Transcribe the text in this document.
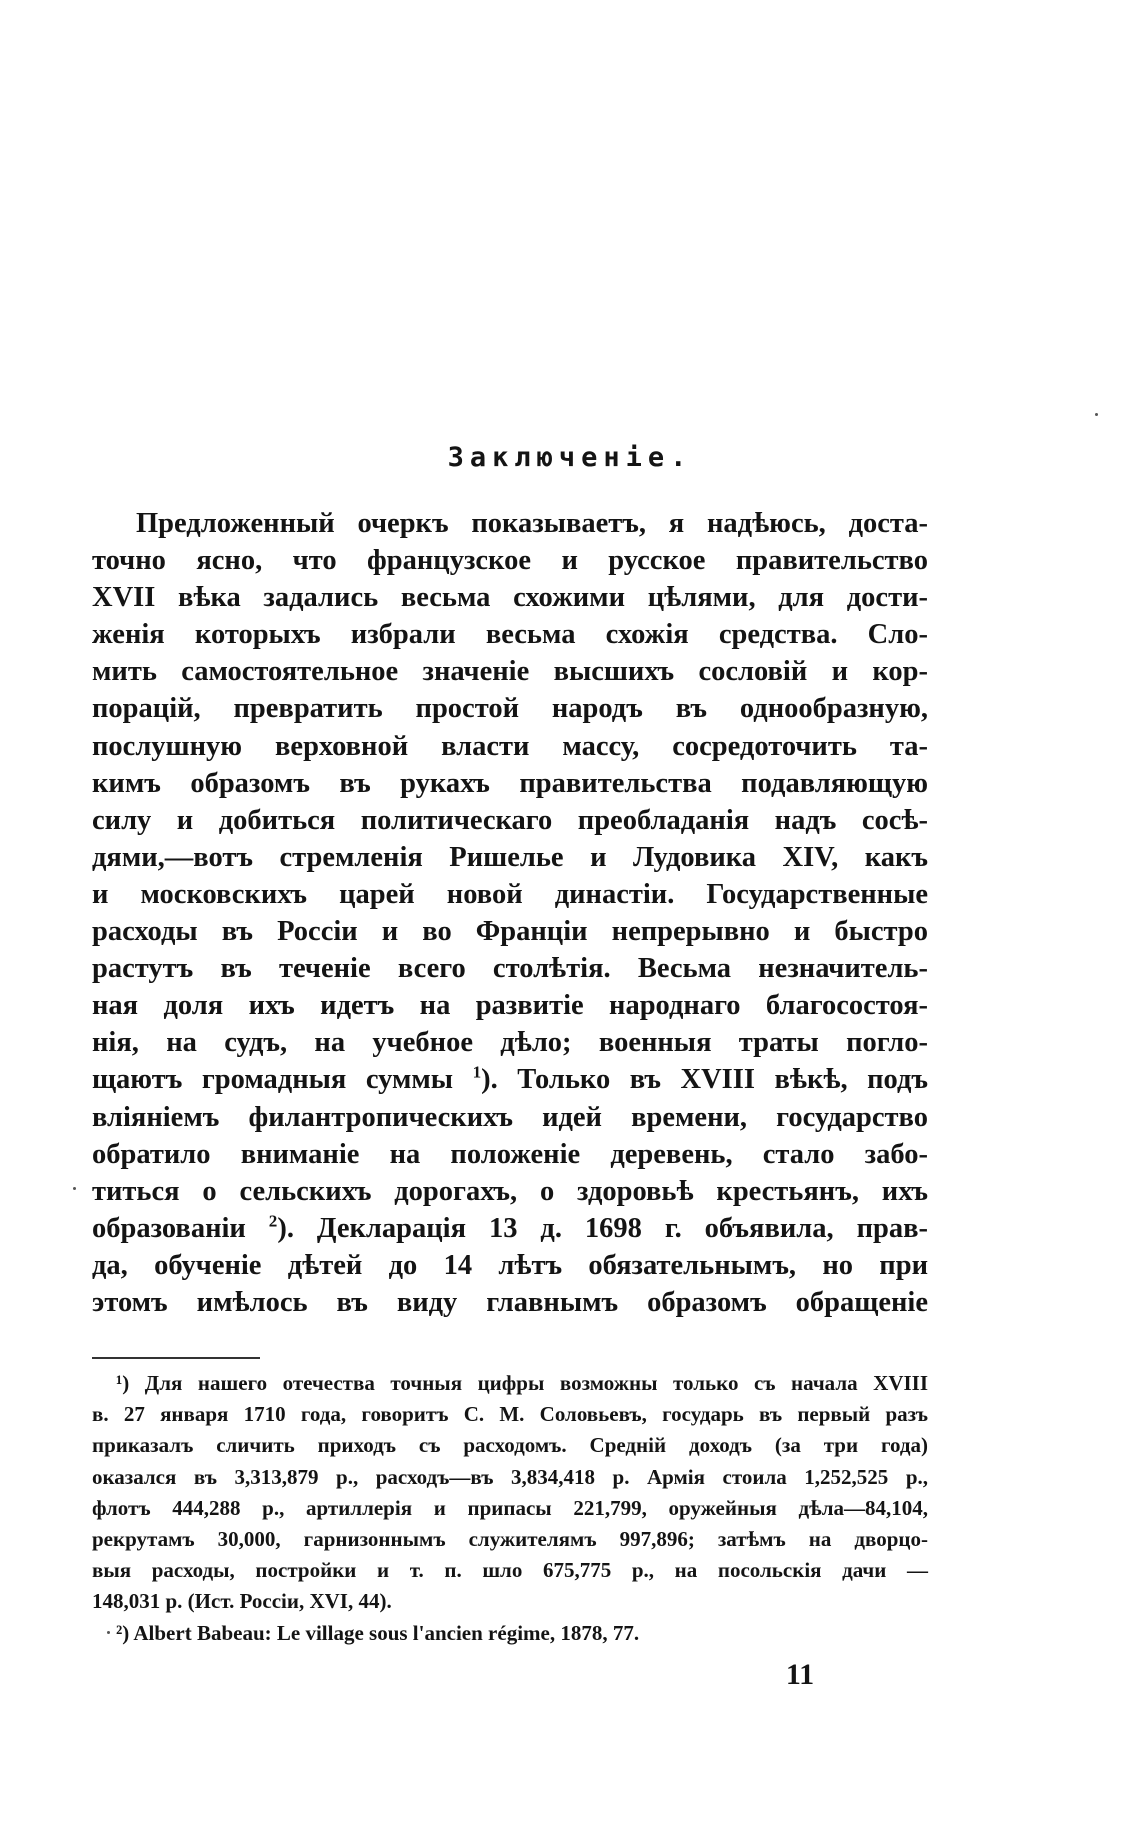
Заключенiе.
Предложенный очеркъ показываетъ, я надѣюсь, доста-
точно ясно, что французское и русское правительство
XVII вѣка задались весьма схожими цѣлями, для дости-
женiя которыхъ избрали весьма схожiя средства. Сло-
мить самостоятельное значенiе высшихъ сословiй и кор-
порацiй, превратить простой народъ въ однообразную,
послушную верховной власти массу, сосредоточить та-
кимъ образомъ въ рукахъ правительства подавляющую
силу и добиться политическаго преобладанiя надъ сосѣ-
дями,—вотъ стремленiя Ришелье и Лудовика XIV, какъ
и московскихъ царей новой династiи. Государственные
расходы въ Россiи и во Францiи непрерывно и быстро
растутъ въ теченiе всего столѣтiя. Весьма незначитель-
ная доля ихъ идетъ на развитiе народнаго благосостоя-
нiя, на судъ, на учебное дѣло; военныя траты погло-
щаютъ громадныя суммы $^1$). Только въ XVIII вѣкѣ, подъ
влiянiемъ филантропическихъ идей времени, государство
обратило вниманiе на положенiе деревень, стало забо-
титься о сельскихъ дорогахъ, о здоровьѣ крестьянъ, ихъ
образованiи $^2$). Декларацiя 13 д. 1698 г. объявила, прав-
да, обученiе дѣтей до 14 лѣтъ обязательнымъ, но при
этомъ имѣлось въ виду главнымъ образомъ обращенiе
¹) Для нашего отечества точныя цифры возможны только съ начала XVIII
в. 27 января 1710 года, говоритъ С. М. Соловьевъ, государь въ первый разъ
приказалъ сличить приходъ съ расходомъ. Среднiй доходъ (за три года)
оказался въ 3,313,879 р., расходъ—въ 3,834,418 р. Армiя стоила 1,252,525 р.,
флотъ 444,288 р., артиллерiя и припасы 221,799, оружейныя дѣла—84,104,
рекрутамъ 30,000, гарнизоннымъ служителямъ 997,896; затѣмъ на дворцо-
выя расходы, постройки и т. п. шло 675,775 р., на посольскiя дачи —
148,031 р. (Ист. Россiи, XVI, 44).
²) Albert Babeau: Le village sous l'ancien régime, 1878, 77.
11
